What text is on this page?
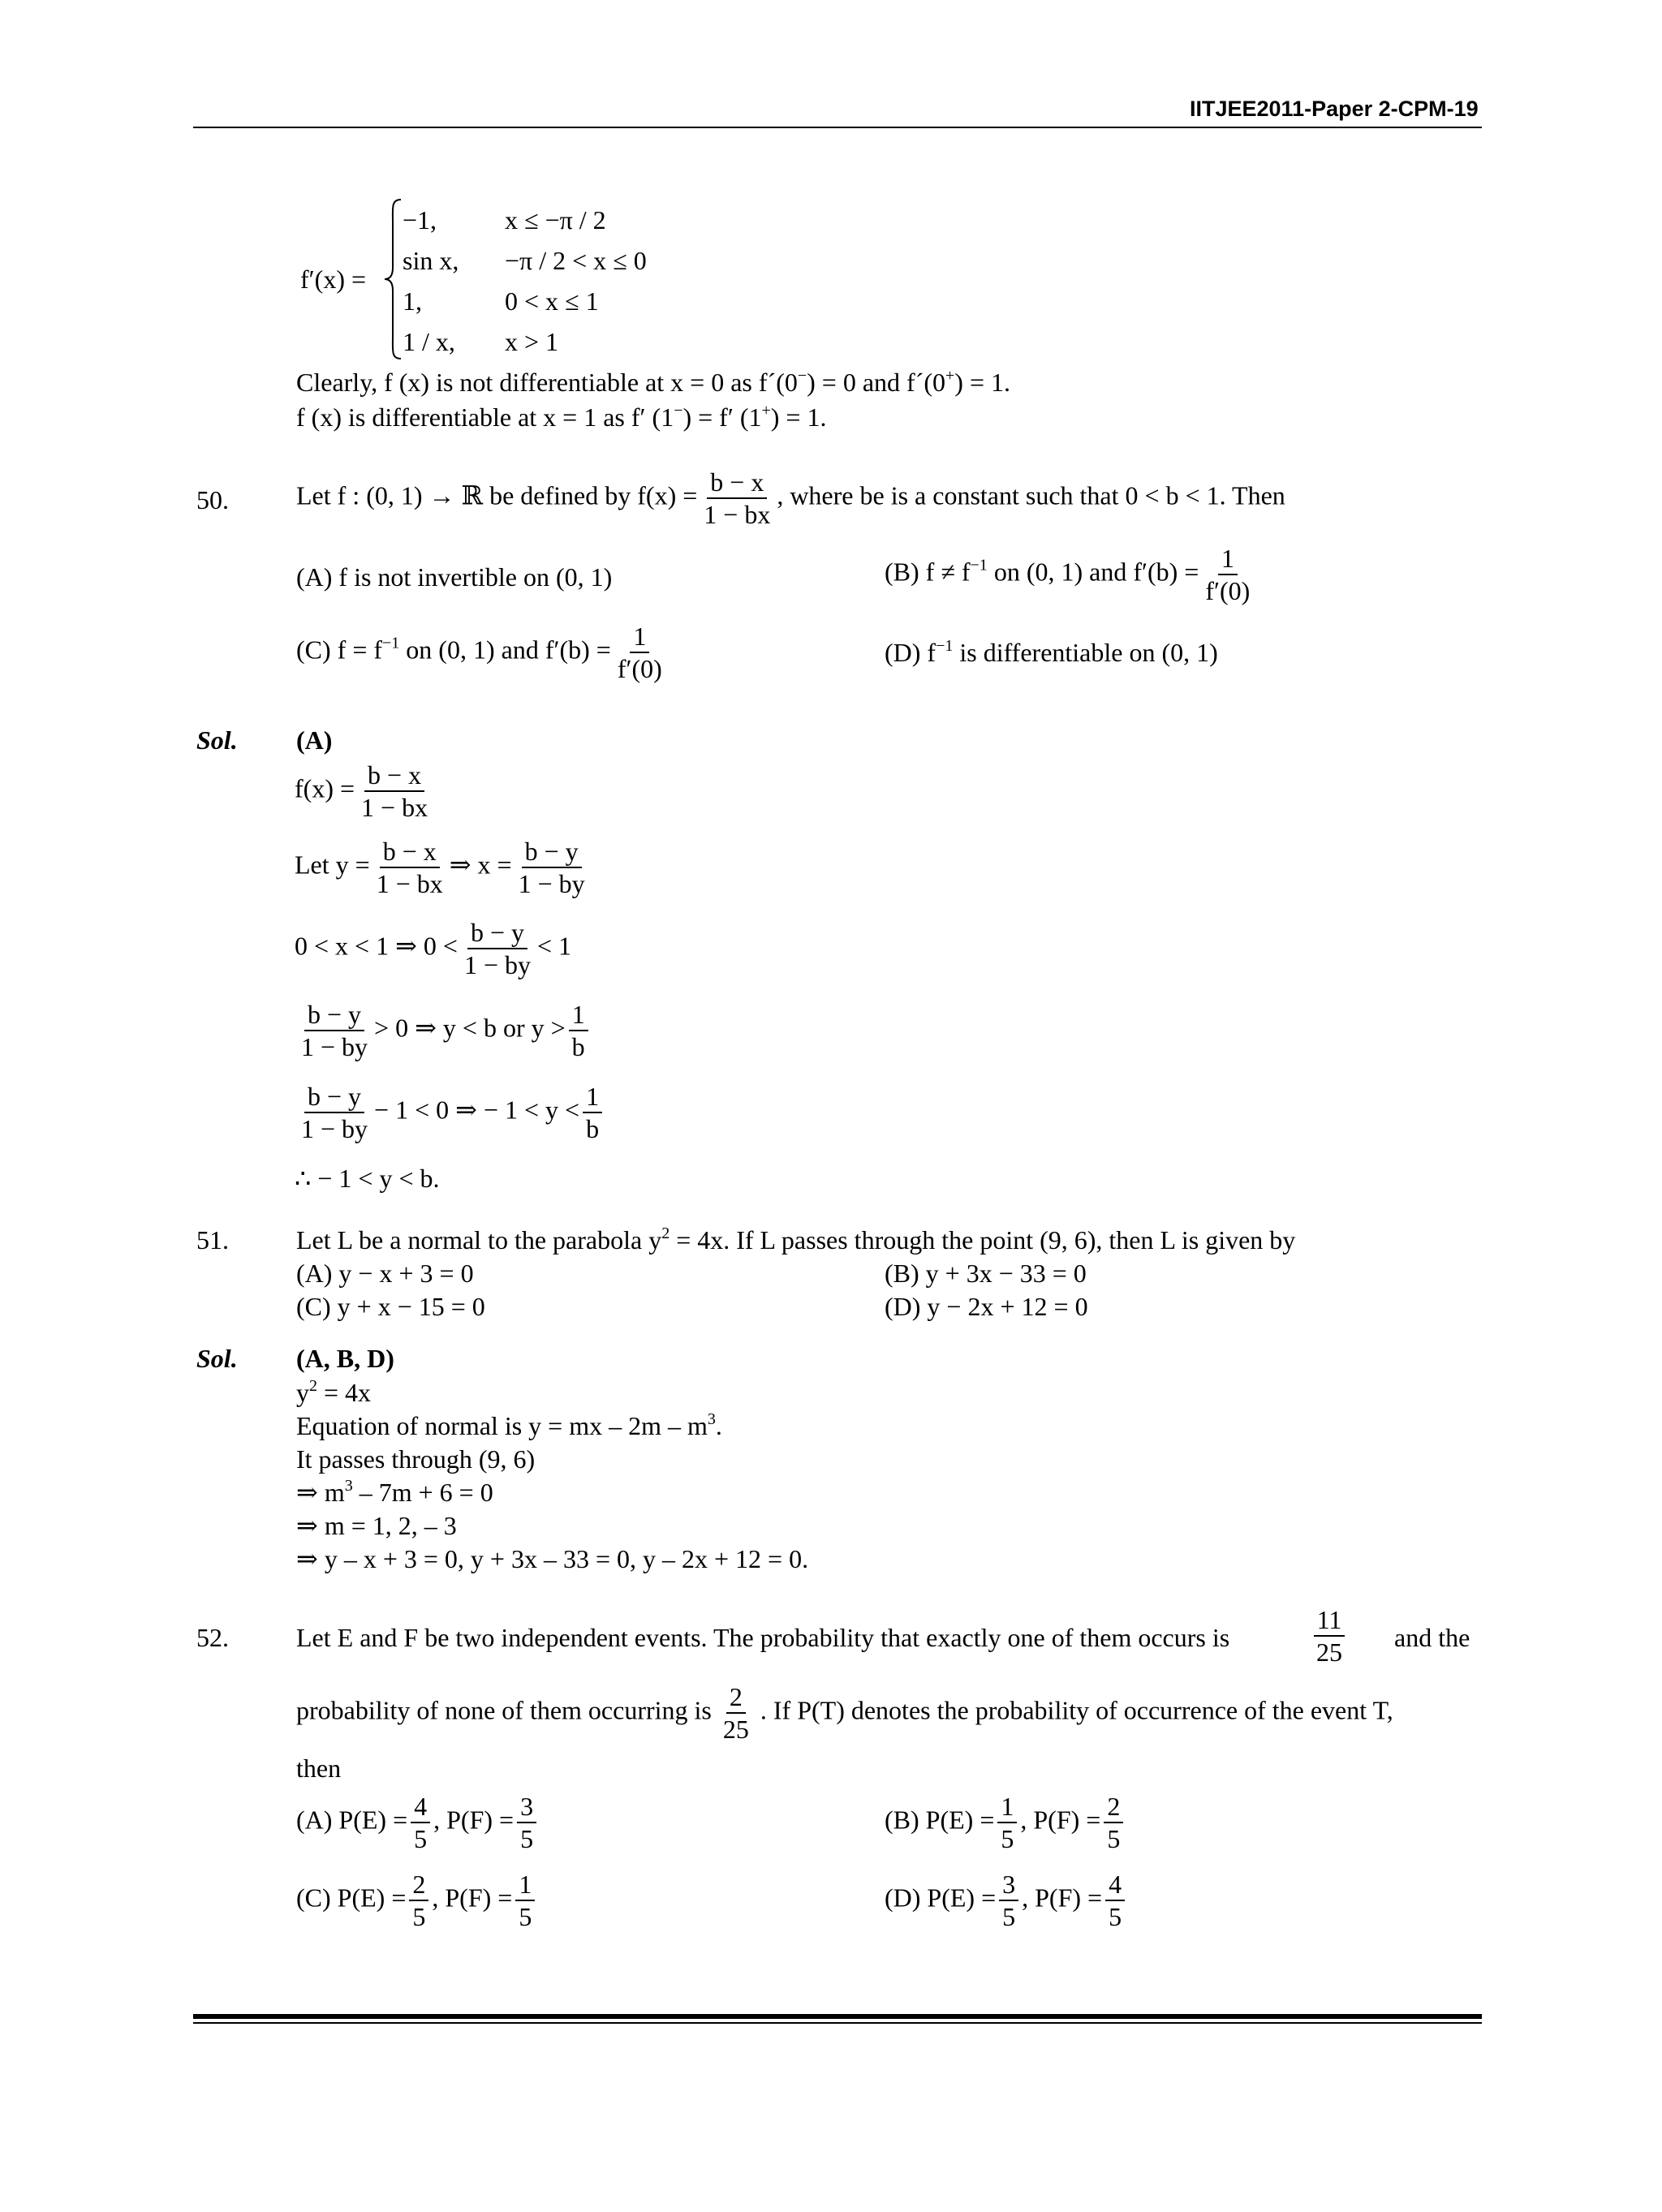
IITJEE2011-Paper 2-CPM-19
f′(x) =
−1,	x ≤ −π / 2
sin x, −π / 2 < x ≤ 0
1,	0 < x ≤ 1
1 / x, x > 1
Clearly, f (x) is not differentiable at x = 0 as f´(0−) = 0 and f´(0+) = 1.
f (x) is differentiable at x = 1 as f′ (1−) = f′ (1+) = 1.
50.	Let f : (0, 1) → ℝ be defined by $f(x) = \frac{b - x}{1 - bx}$ , where be is a constant such that 0 < b < 1. Then
(A) f is not invertible on (0, 1)	(B) $f \ne f^{-1}$ on (0, 1) and $f'(b) = \frac{1}{f'(0)}$
(C) $f = f^{-1}$ on (0, 1) and $f'(b) = \frac{1}{f'(0)}$	(D) $f^{-1}$ is differentiable on (0, 1)
Sol. (A)
$f(x) = \frac{b - x}{1 - bx}$
Let $y = \frac{b - x}{1 - bx}$ ⇒ $x = \frac{b - y}{1 - by}$
0 < x < 1 ⇒ $0 < \frac{b - y}{1 - by} < 1$
$\frac{b - y}{1 - by} > 0$ ⇒ y < b or $y > \frac{1}{b}$
$\frac{b - y}{1 - by} - 1 < 0$ ⇒ − $1 < y < \frac{1}{b}$
∴ − 1 < y < b.
51.	Let L be a normal to the parabola $y^2 = 4x$. If L passes through the point (9, 6), then L is given by
(A) y − x + 3 = 0	(B) y + 3x − 33 = 0
(C) y + x − 15 = 0	(D) y − 2x + 12 = 0
Sol. (A, B, D)
$y^2 = 4x$
Equation of normal is y = mx – $2m - m^3$.
It passes through (9, 6)
⇒ $m^3 - 7m + 6 = 0$
⇒ m = 1, 2, – 3
⇒ y – x + 3 = 0, y + 3x – 33 = 0, y – 2x + 12 = 0.
52.	Let E and F be two independent events. The probability that exactly one of them occurs is	$\frac{11}{25}$ and the
probability of none of them occurring is $\frac{2}{25}$ . If P(T) denotes the probability of occurrence of the event T,
then
(A) $P(E) = \frac{4}{5}$ , $P(F) = \frac{3}{5}$	(B) $P(E) = \frac{1}{5}$ , $P(F) = \frac{2}{5}$
(C) $P(E) = \frac{2}{5}$ , $P(F) = \frac{1}{5}$	(D) $P(E) = \frac{3}{5}$ , $P(F) = \frac{4}{5}$
